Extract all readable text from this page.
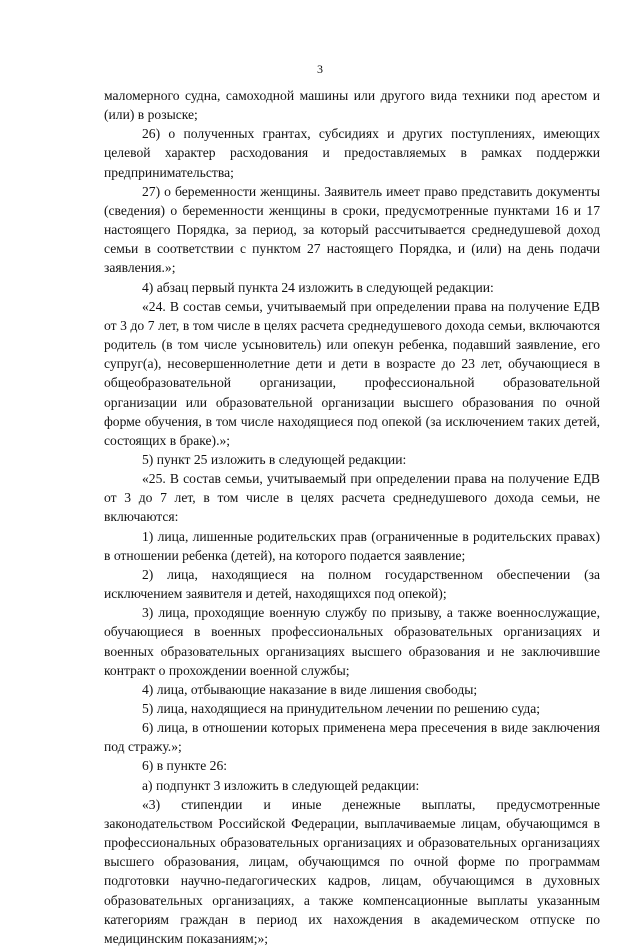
3

маломерного судна, самоходной машины или другого вида техники под арестом и (или) в розыске;

26) о полученных грантах, субсидиях и других поступлениях, имеющих целевой характер расходования и предоставляемых в рамках поддержки предпринимательства;

27) о беременности женщины. Заявитель имеет право представить документы (сведения) о беременности женщины в сроки, предусмотренные пунктами 16 и 17 настоящего Порядка, за период, за который рассчитывается среднедушевой доход семьи в соответствии с пунктом 27 настоящего Порядка, и (или) на день подачи заявления.»;

4) абзац первый пункта 24 изложить в следующей редакции:

«24. В состав семьи, учитываемый при определении права на получение ЕДВ от 3 до 7 лет, в том числе в целях расчета среднедушевого дохода семьи, включаются родитель (в том числе усыновитель) или опекун ребенка, подавший заявление, его супруг(а), несовершеннолетние дети и дети в возрасте до 23 лет, обучающиеся в общеобразовательной организации, профессиональной образовательной организации или образовательной организации высшего образования по очной форме обучения, в том числе находящиеся под опекой (за исключением таких детей, состоящих в браке).»;

5) пункт 25 изложить в следующей редакции:

«25. В состав семьи, учитываемый при определении права на получение ЕДВ от 3 до 7 лет, в том числе в целях расчета среднедушевого дохода семьи, не включаются:

1) лица, лишенные родительских прав (ограниченные в родительских правах) в отношении ребенка (детей), на которого подается заявление;

2) лица, находящиеся на полном государственном обеспечении (за исключением заявителя и детей, находящихся под опекой);

3) лица, проходящие военную службу по призыву, а также военнослужащие, обучающиеся в военных профессиональных образовательных организациях и военных образовательных организациях высшего образования и не заключившие контракт о прохождении военной службы;

4) лица, отбывающие наказание в виде лишения свободы;

5) лица, находящиеся на принудительном лечении по решению суда;

6) лица, в отношении которых применена мера пресечения в виде заключения под стражу.»;

6) в пункте 26:

а) подпункт 3 изложить в следующей редакции:

«3) стипендии и иные денежные выплаты, предусмотренные законодательством Российской Федерации, выплачиваемые лицам, обучающимся в профессиональных образовательных организациях и образовательных организациях высшего образования, лицам, обучающимся по очной форме по программам подготовки научно-педагогических кадров, лицам, обучающимся в духовных образовательных организациях, а также компенсационные выплаты указанным категориям граждан в период их нахождения в академическом отпуске по медицинским показаниям;»;
